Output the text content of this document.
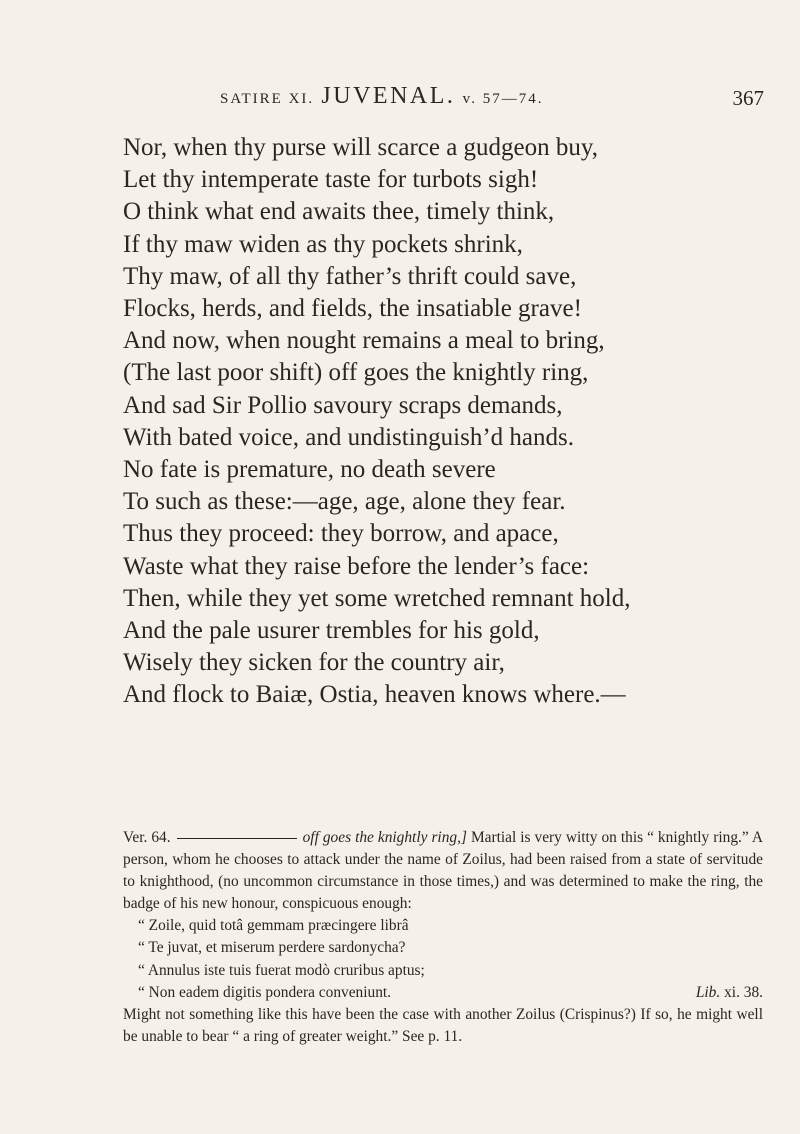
SATIRE XI. JUVENAL. v. 57—74.	367
Nor, when thy purse will scarce a gudgeon buy,
Let thy intemperate taste for turbots sigh!
O think what end awaits thee, timely think,
If thy maw widen as thy pockets shrink,
Thy maw, of all thy father’s thrift could save,
Flocks, herds, and fields, the insatiable grave!
And now, when nought remains a meal to bring,
(The last poor shift) off goes the knightly ring,
And sad Sir Pollio savoury scraps demands,
With bated voice, and undistinguish’d hands.
No fate is premature, no death severe
To such as these:—age, age, alone they fear.
Thus they proceed: they borrow, and apace,
Waste what they raise before the lender’s face:
Then, while they yet some wretched remnant hold,
And the pale usurer trembles for his gold,
Wisely they sicken for the country air,
And flock to Baiæ, Ostia, heaven knows where.—
Ver. 64.	off goes the knightly ring,] Martial is very witty on this “ knightly ring.” A person, whom he chooses to attack under the name of Zoilus, had been raised from a state of servitude to knighthood, (no uncommon circumstance in those times,) and was determined to make the ring, the badge of his new honour, conspicuous enough:
“ Zoile, quid totâ gemmam præcingere librâ
“ Te juvat, et miserum perdere sardonycha?
“ Annulus iste tuis fuerat modò cruribus aptus;
“ Non eadem digitis pondera conveniunt.	Lib. xi. 38.
Might not something like this have been the case with another Zoilus (Crispinus?) If so, he might well be unable to bear “ a ring of greater weight.” See p. 11.
